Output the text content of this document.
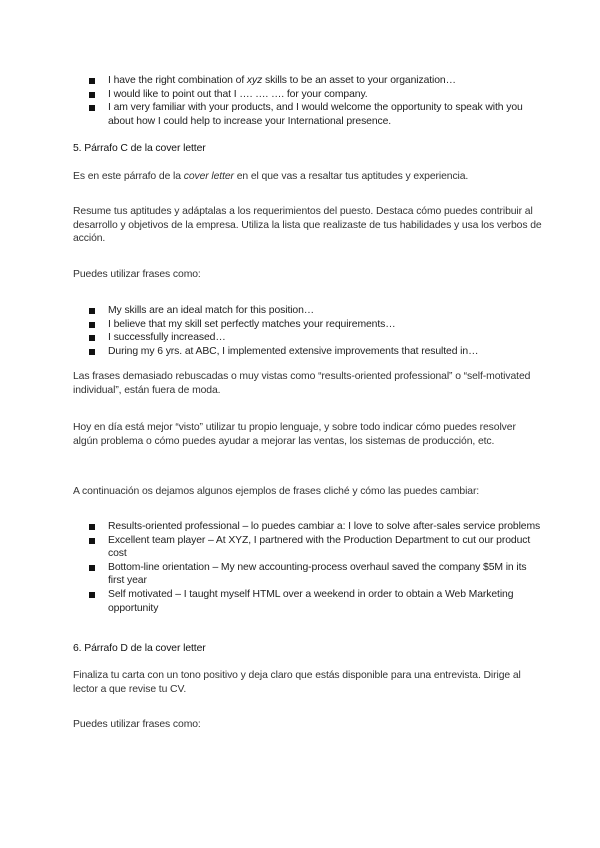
I have the right combination of xyz skills to be an asset to your organization…
I would like to point out that I …. …. …. for your company.
I am very familiar with your products, and I would welcome the opportunity to speak with you about how I could help to increase your International presence.
5. Párrafo C de la cover letter
Es en este párrafo de la cover letter en el que vas a resaltar tus aptitudes y experiencia.
Resume tus aptitudes y adáptalas a los requerimientos del puesto. Destaca cómo puedes contribuir al desarrollo y objetivos de la empresa. Utiliza la lista que realizaste de tus habilidades y usa los verbos de acción.
Puedes utilizar frases como:
My skills are an ideal match for this position…
I believe that my skill set perfectly matches your requirements…
I successfully increased…
During my 6 yrs. at ABC, I implemented extensive improvements that resulted in…
Las frases demasiado rebuscadas o muy vistas como “results-oriented professional” o “self-motivated individual”, están fuera de moda.
Hoy en día está mejor “visto” utilizar tu propio lenguaje, y sobre todo indicar cómo puedes resolver algún problema o cómo puedes ayudar a mejorar las ventas, los sistemas de producción, etc.
A continuación os dejamos algunos ejemplos de frases cliché y cómo las puedes cambiar:
Results-oriented professional – lo puedes cambiar a: I love to solve after-sales service problems
Excellent team player – At XYZ, I partnered with the Production Department to cut our product cost
Bottom-line orientation – My new accounting-process overhaul saved the company $5M in its first year
Self motivated – I taught myself HTML over a weekend in order to obtain a Web Marketing opportunity
6. Párrafo D de la cover letter
Finaliza tu carta con un tono positivo y deja claro que estás disponible para una entrevista. Dirige al lector a que revise tu CV.
Puedes utilizar frases como:
